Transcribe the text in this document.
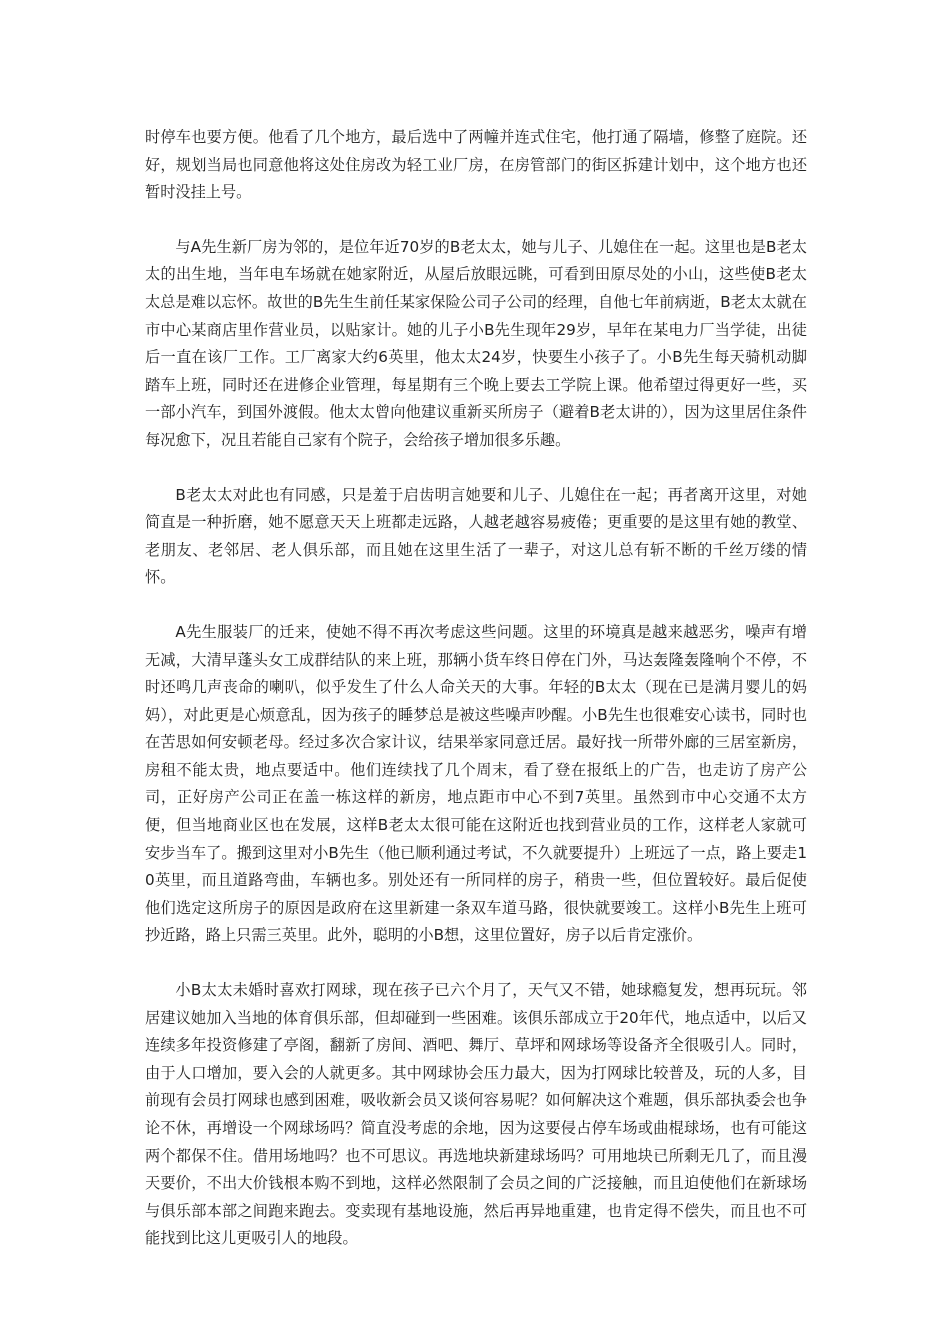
时停车也要方便。他看了几个地方，最后选中了两幢并连式住宅，他打通了隔墙，修整了庭院。还好，规划当局也同意他将这处住房改为轻工业厂房，在房管部门的街区拆建计划中，这个地方也还暂时没挂上号。

与A先生新厂房为邻的，是位年近70岁的B老太太，她与儿子、儿媳住在一起。这里也是B老太太的出生地，当年电车场就在她家附近，从屋后放眼远眺，可看到田原尽处的小山，这些使B老太太总是难以忘怀。故世的B先生生前任某家保险公司子公司的经理，自他七年前病逝，B老太太就在市中心某商店里作营业员，以贴家计。她的儿子小B先生现年29岁，早年在某电力厂当学徒，出徒后一直在该厂工作。工厂离家大约6英里，他太太24岁，快要生小孩子了。小B先生每天骑机动脚踏车上班，同时还在进修企业管理，每星期有三个晚上要去工学院上课。他希望过得更好一些，买一部小汽车，到国外渡假。他太太曾向他建议重新买所房子（避着B老太讲的），因为这里居住条件每况愈下，况且若能自己家有个院子，会给孩子增加很多乐趣。

B老太太对此也有同感，只是羞于启齿明言她要和儿子、儿媳住在一起；再者离开这里，对她简直是一种折磨，她不愿意天天上班都走远路，人越老越容易疲倦；更重要的是这里有她的教堂、老朋友、老邻居、老人俱乐部，而且她在这里生活了一辈子，对这儿总有斩不断的千丝万缕的情怀。

A先生服装厂的迁来，使她不得不再次考虑这些问题。这里的环境真是越来越恶劣，噪声有增无减，大清早蓬头女工成群结队的来上班，那辆小货车终日停在门外，马达轰隆轰隆响个不停，不时还鸣几声丧命的喇叭，似乎发生了什么人命关天的大事。年轻的B太太（现在已是满月婴儿的妈妈），对此更是心烦意乱，因为孩子的睡梦总是被这些噪声吵醒。小B先生也很难安心读书，同时也在苦思如何安顿老母。经过多次合家计议，结果举家同意迁居。最好找一所带外廊的三居室新房，房租不能太贵，地点要适中。他们连续找了几个周末，看了登在报纸上的广告，也走访了房产公司，正好房产公司正在盖一栋这样的新房，地点距市中心不到7英里。虽然到市中心交通不太方便，但当地商业区也在发展，这样B老太太很可能在这附近也找到营业员的工作，这样老人家就可安步当车了。搬到这里对小B先生（他已顺利通过考试，不久就要提升）上班远了一点，路上要走10英里，而且道路弯曲，车辆也多。别处还有一所同样的房子，稍贵一些，但位置较好。最后促使他们选定这所房子的原因是政府在这里新建一条双车道马路，很快就要竣工。这样小B先生上班可抄近路，路上只需三英里。此外，聪明的小B想，这里位置好，房子以后肯定涨价。

小B太太未婚时喜欢打网球，现在孩子已六个月了，天气又不错，她球瘾复发，想再玩玩。邻居建议她加入当地的体育俱乐部，但却碰到一些困难。该俱乐部成立于20年代，地点适中，以后又连续多年投资修建了亭阁，翻新了房间、酒吧、舞厅、草坪和网球场等设备齐全很吸引人。同时，由于人口增加，要入会的人就更多。其中网球协会压力最大，因为打网球比较普及，玩的人多，目前现有会员打网球也感到困难，吸收新会员又谈何容易呢？如何解决这个难题，俱乐部执委会也争论不休，再增设一个网球场吗？简直没考虑的余地，因为这要侵占停车场或曲棍球场，也有可能这两个都保不住。借用场地吗？也不可思议。再选地块新建球场吗？可用地块已所剩无几了，而且漫天要价，不出大价钱根本购不到地，这样必然限制了会员之间的广泛接触，而且迫使他们在新球场与俱乐部本部之间跑来跑去。变卖现有基地设施，然后再异地重建，也肯定得不偿失，而且也不可能找到比这儿更吸引人的地段。
